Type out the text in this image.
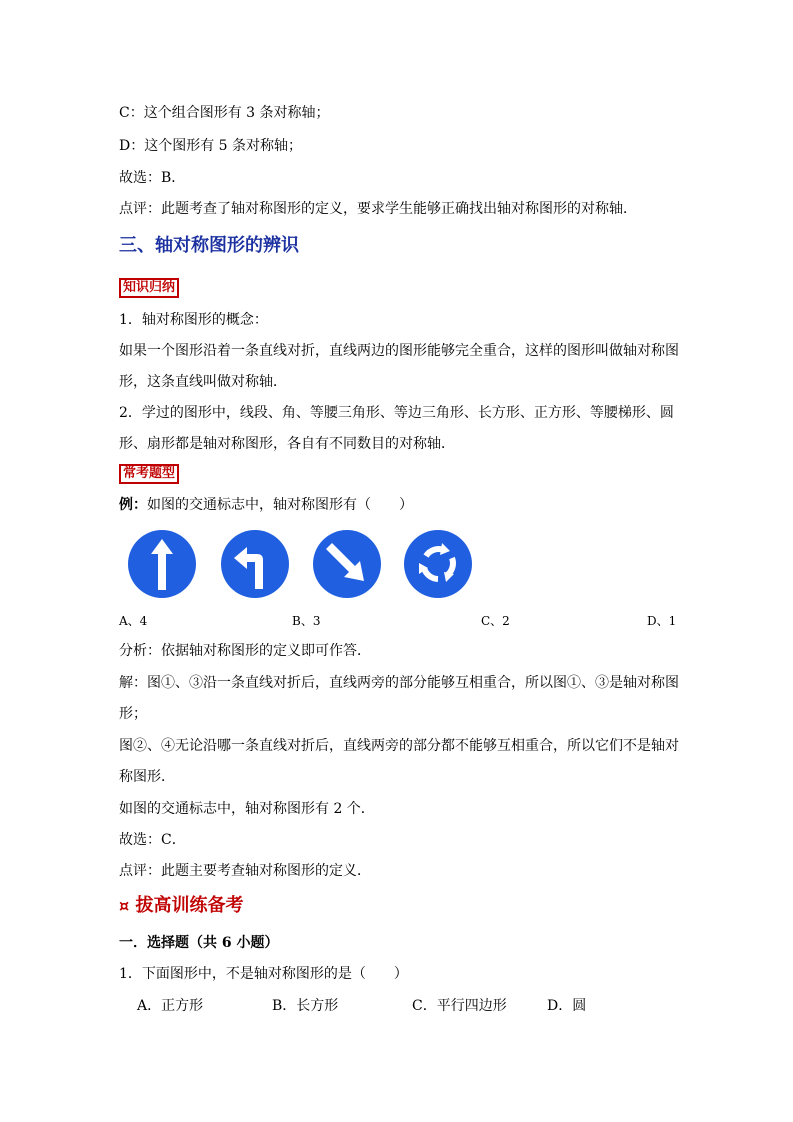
C：这个组合图形有 3 条对称轴；
D：这个图形有 5 条对称轴；
故选：B．
点评：此题考查了轴对称图形的定义，要求学生能够正确找出轴对称图形的对称轴．
三、轴对称图形的辨识
知识归纳
1．轴对称图形的概念：
如果一个图形沿着一条直线对折，直线两边的图形能够完全重合，这样的图形叫做轴对称图
形，这条直线叫做对称轴．
2．学过的图形中，线段、角、等腰三角形、等边三角形、长方形、正方形、等腰梯形、圆
形、扇形都是轴对称图形，各自有不同数目的对称轴．
常考题型
例：如图的交通标志中，轴对称图形有（　　）
A、4	B、3	C、2	D、1
分析：依据轴对称图形的定义即可作答．
解：图①、③沿一条直线对折后，直线两旁的部分能够互相重合，所以图①、③是轴对称图
形；
图②、④无论沿哪一条直线对折后，直线两旁的部分都不能够互相重合，所以它们不是轴对
称图形．
如图的交通标志中，轴对称图形有 2 个．
故选：C．
点评：此题主要考查轴对称图形的定义．
¤ 拔高训练备考
一．选择题（共 6 小题）
1．下面图形中，不是轴对称图形的是（　　）
A．正方形	B．长方形	C．平行四边形	D．圆
